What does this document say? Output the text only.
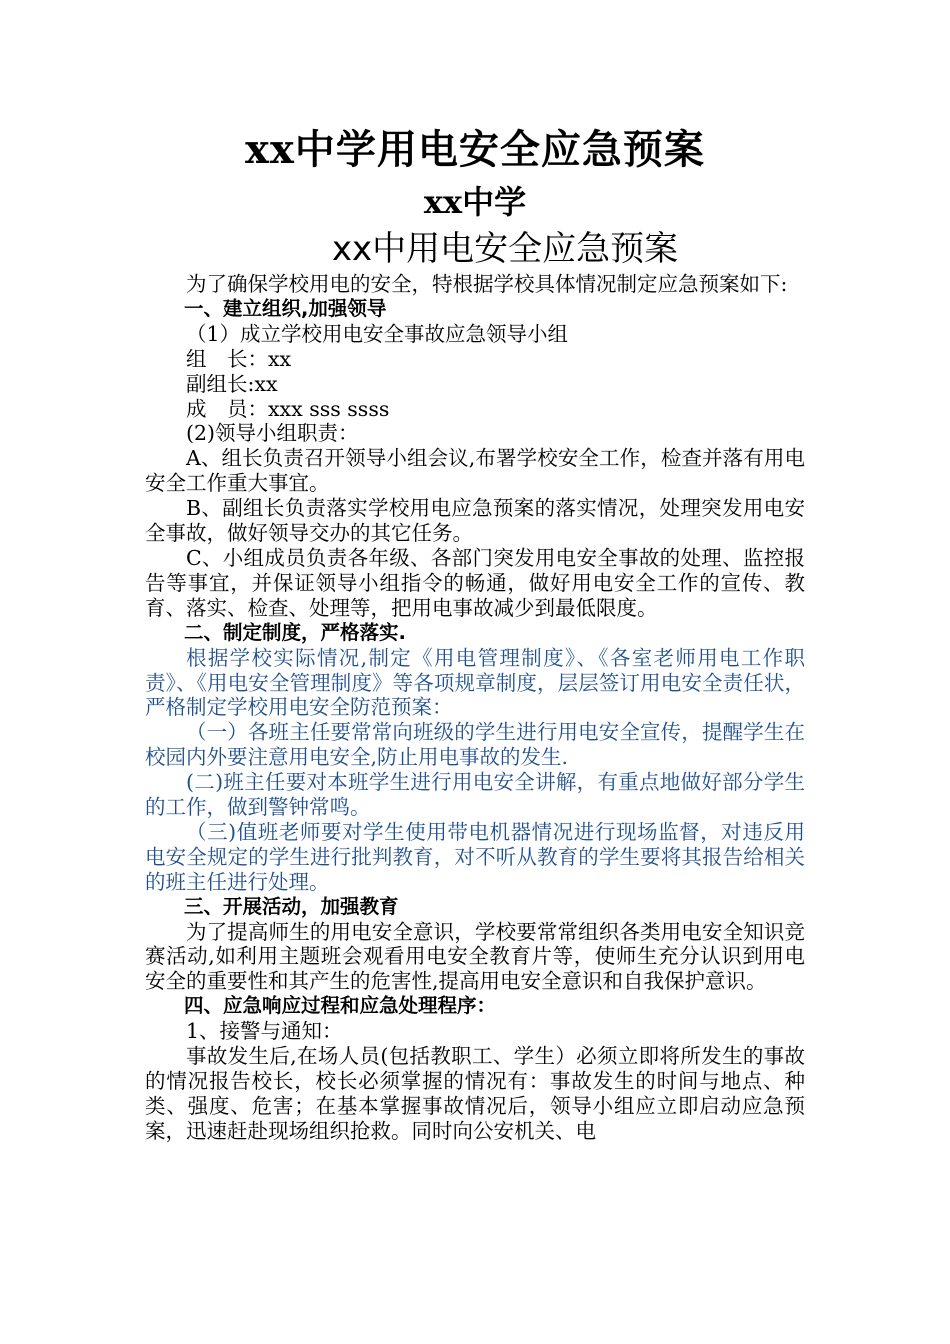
xx中学用电安全应急预案
xx中学
xx中用电安全应急预案

为了确保学校用电的安全，特根据学校具体情况制定应急预案如下:

一、建立组织,加强领导

（1）成立学校用电安全事故应急领导小组

组　长：xx

副组长:xx

成　员：xxx sss ssss

(2)领导小组职责：

A、组长负责召开领导小组会议,布署学校安全工作，检查并落有用电安全工作重大事宜。

B、副组长负责落实学校用电应急预案的落实情况，处理突发用电安全事故，做好领导交办的其它任务。

C、小组成员负责各年级、各部门突发用电安全事故的处理、监控报告等事宜，并保证领导小组指令的畅通，做好用电安全工作的宣传、教育、落实、检查、处理等，把用电事故减少到最低限度。

二、制定制度，严格落实.

根据学校实际情况,制定《用电管理制度》、《各室老师用电工作职责》、《用电安全管理制度》等各项规章制度，层层签订用电安全责任状，严格制定学校用电安全防范预案：

（一）各班主任要常常向班级的学生进行用电安全宣传，提醒学生在校园内外要注意用电安全,防止用电事故的发生.

(二)班主任要对本班学生进行用电安全讲解，有重点地做好部分学生的工作，做到警钟常鸣。

（三)值班老师要对学生使用带电机器情况进行现场监督，对违反用电安全规定的学生进行批判教育，对不听从教育的学生要将其报告给相关的班主任进行处理。

三、开展活动，加强教育

为了提高师生的用电安全意识，学校要常常组织各类用电安全知识竞赛活动,如利用主题班会观看用电安全教育片等，使师生充分认识到用电安全的重要性和其产生的危害性,提高用电安全意识和自我保护意识。

四、应急响应过程和应急处理程序：

1、接警与通知：

事故发生后,在场人员(包括教职工、学生）必须立即将所发生的事故的情况报告校长，校长必须掌握的情况有：事故发生的时间与地点、种类、强度、危害；在基本掌握事故情况后，领导小组应立即启动应急预案，迅速赶赴现场组织抢救。同时向公安机关、电
